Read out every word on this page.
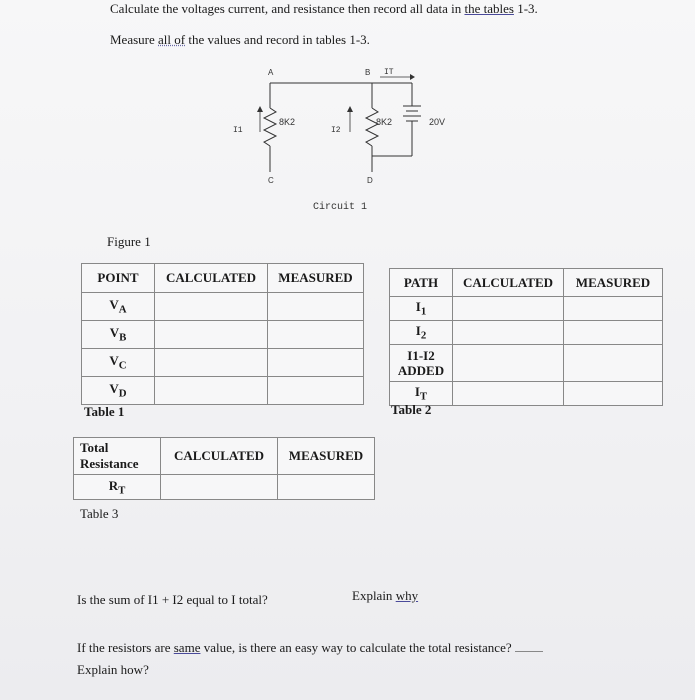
Calculate the voltages current, and resistance then record all data in the tables 1-3.
Measure all of the values and record in tables 1-3.
A	B IT
I1	I2
8K2	8K2	20V
C	D
Circuit 1
Figure 1
POINT	CALCULATED	MEASURED
$V_A$		
$V_B$		
$V_C$		
$V_D$		
Table 1
PATH	CALCULATED	MEASURED
$I_1$		
$I_2$		
I1-I2
ADDED		
$I_T$		
Table 2
Total
Resistance	CALCULATED	MEASURED
$R_T$		
Table 3
Is the sum of I1 + I2 equal to I total?	Explain why
If the resistors are same value, is there an easy way to calculate the total resistance?
Explain how?
